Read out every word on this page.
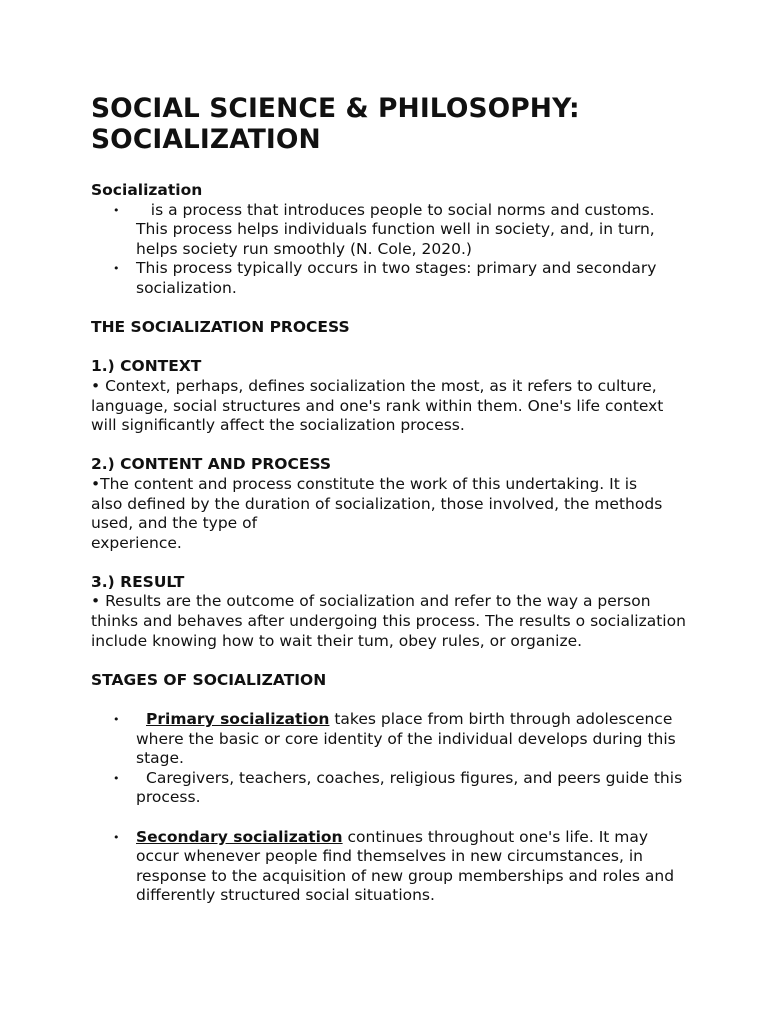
SOCIAL SCIENCE & PHILOSOPHY:
SOCIALIZATION

Socialization

• is a process that introduces people to social norms and customs. This process helps individuals function well in society, and, in turn, helps society run smoothly (N. Cole, 2020.)
• This process typically occurs in two stages: primary and secondary socialization.

THE SOCIALIZATION PROCESS

1.) CONTEXT

• Context, perhaps, defines socialization the most, as it refers to culture, language, social structures and one's rank within them. One's life context will significantly affect the socialization process.

2.) CONTENT AND PROCESS

•The content and process constitute the work of this undertaking. It is also defined by the duration of socialization, those involved, the methods used, and the type of

experience.

3.) RESULT

• Results are the outcome of socialization and refer to the way a person thinks and behaves after undergoing this process. The results o socialization include knowing how to wait their tum, obey rules, or organize.

STAGES OF SOCIALIZATION

• Primary socialization takes place from birth through adolescence where the basic or core identity of the individual develops during this stage.
• Caregivers, teachers, coaches, religious figures, and peers guide this process.
• Secondary socialization continues throughout one's life. It may occur whenever people find themselves in new circumstances, in response to the acquisition of new group memberships and roles and differently structured social situations.
